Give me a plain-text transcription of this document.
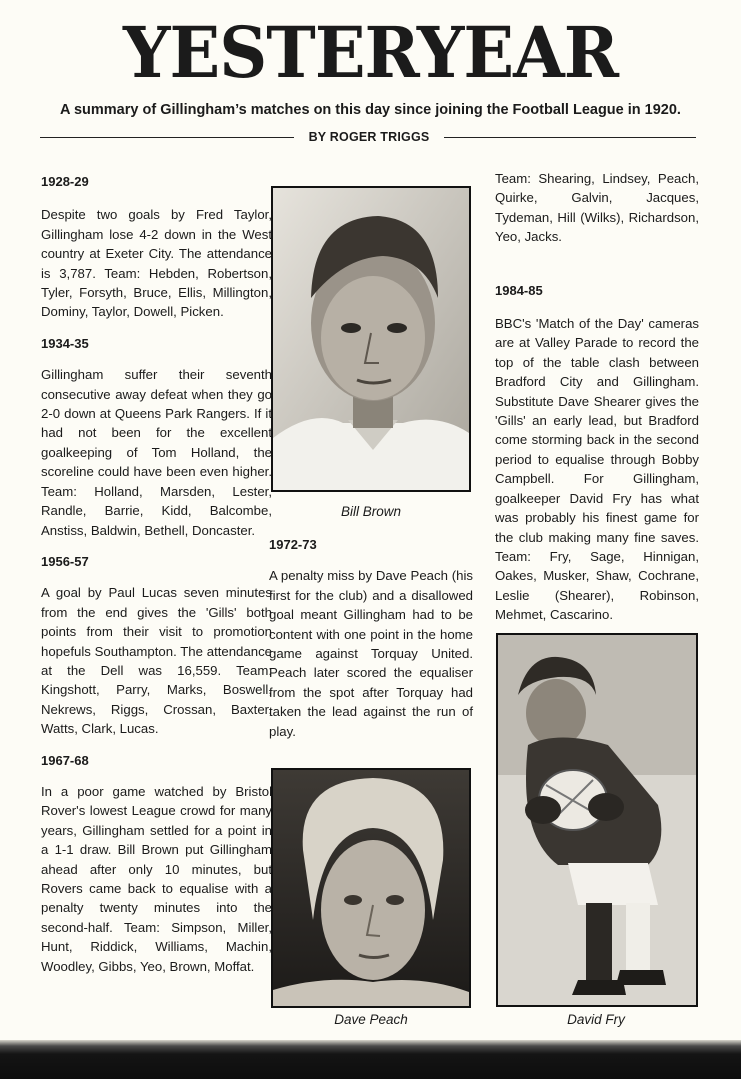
YESTERYEAR
A summary of Gillingham’s matches on this day since joining the Football League in 1920.
BY ROGER TRIGGS

1928-29

Despite two goals by Fred Taylor, Gillingham lose 4-2 down in the West country at Exeter City. The attendance is 3,787. Team: Hebden, Robertson, Tyler, Forsyth, Bruce, Ellis, Millington, Dominy, Taylor, Dowell, Picken.

1934-35

Gillingham suffer their seventh consecutive away defeat when they go 2-0 down at Queens Park Rangers. If it had not been for the excellent goalkeeping of Tom Holland, the scoreline could have been even higher. Team: Holland, Marsden, Lester, Randle, Barrie, Kidd, Balcombe, Anstiss, Baldwin, Bethell, Doncaster.

1956-57

A goal by Paul Lucas seven minutes from the end gives the 'Gills' both points from their visit to promotion hopefuls Southampton. The attendance at the Dell was 16,559. Team: Kingshott, Parry, Marks, Boswell, Nekrews, Riggs, Crossan, Baxter, Watts, Clark, Lucas.

1967-68

In a poor game watched by Bristol Rover's lowest League crowd for many years, Gillingham settled for a point in a 1-1 draw. Bill Brown put Gillingham ahead after only 10 minutes, but Rovers came back to equalise with a penalty twenty minutes into the second-half. Team: Simpson, Miller, Hunt, Riddick, Williams, Machin, Woodley, Gibbs, Yeo, Brown, Moffat.

Bill Brown

1972-73

A penalty miss by Dave Peach (his first for the club) and a disallowed goal meant Gillingham had to be content with one point in the home game against Torquay United. Peach later scored the equaliser from the spot after Torquay had taken the lead against the run of play.

Dave Peach

Team: Shearing, Lindsey, Peach, Quirke, Galvin, Jacques, Tydeman, Hill (Wilks), Richardson, Yeo, Jacks.

1984-85

BBC's 'Match of the Day' cameras are at Valley Parade to record the top of the table clash between Bradford City and Gillingham. Substitute Dave Shearer gives the 'Gills' an early lead, but Bradford come storming back in the second period to equalise through Bobby Campbell. For Gillingham, goalkeeper David Fry has what was probably his finest game for the club making many fine saves. Team: Fry, Sage, Hinnigan, Oakes, Musker, Shaw, Cochrane, Leslie (Shearer), Robinson, Mehmet, Cascarino.

David Fry
